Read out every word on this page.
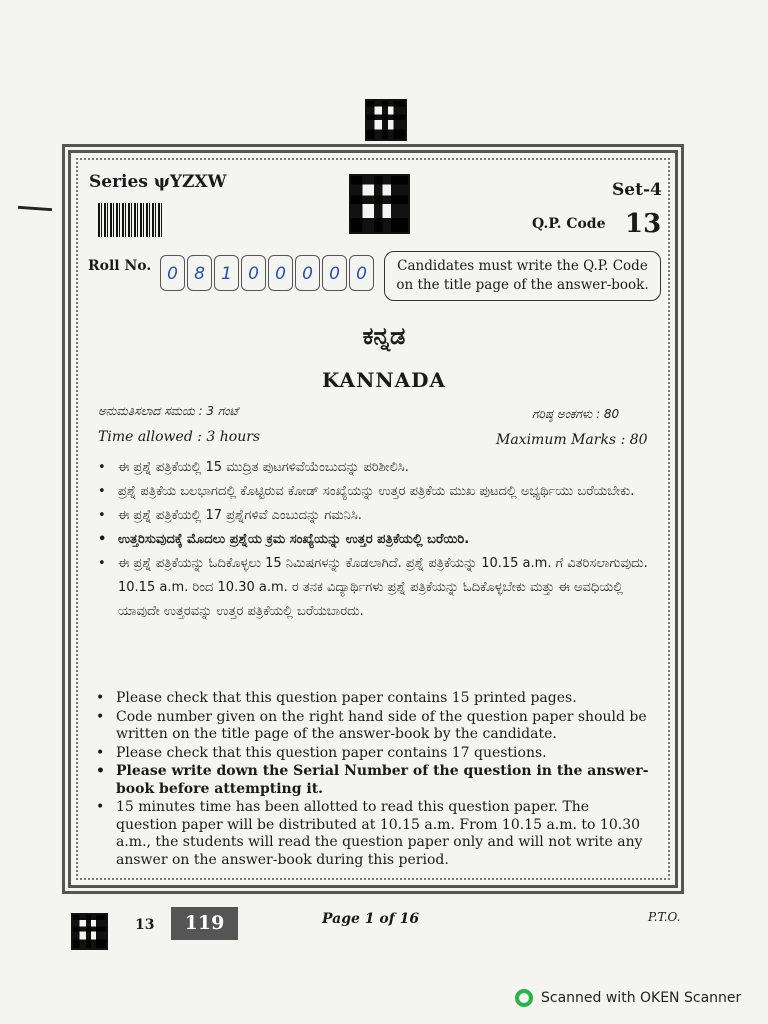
Series ψYZXW	Set-4
Q.P. Code 13
Roll No. 0 8 1 0 0 0 0 0	Candidates must write the Q.P. Code on the title page of the answer-book.
ಕನ್ನಡ
KANNADA
ಅನುಮತಿಸಲಾದ ಸಮಯ : 3 ಗಂಟೆ	ಗರಿಷ್ಠ ಅಂಕಗಳು : 80
Time allowed : 3 hours	Maximum Marks : 80
• ಈ ಪ್ರಶ್ನೆ ಪತ್ರಿಕೆಯಲ್ಲಿ 15 ಮುದ್ರಿತ ಪುಟಗಳಿವೆಯೆಂಬುದನ್ನು ಪರಿಶೀಲಿಸಿ.
• ಪ್ರಶ್ನೆ ಪತ್ರಿಕೆಯ ಬಲಭಾಗದಲ್ಲಿ ಕೊಟ್ಟಿರುವ ಕೋಡ್ ಸಂಖ್ಯೆಯನ್ನು ಉತ್ತರ ಪತ್ರಿಕೆಯ ಮುಖ ಪುಟದಲ್ಲಿ ಅಭ್ಯರ್ಥಿಯು ಬರೆಯಬೇಕು.
• ಈ ಪ್ರಶ್ನೆ ಪತ್ರಿಕೆಯಲ್ಲಿ 17 ಪ್ರಶ್ನೆಗಳಿವೆ ಎಂಬುದನ್ನು ಗಮನಿಸಿ.
• ಉತ್ತರಿಸುವುದಕ್ಕೆ ಮೊದಲು ಪ್ರಶ್ನೆಯ ಕ್ರಮ ಸಂಖ್ಯೆಯನ್ನು ಉತ್ತರ ಪತ್ರಿಕೆಯಲ್ಲಿ ಬರೆಯಿರಿ.
• ಈ ಪ್ರಶ್ನೆ ಪತ್ರಿಕೆಯನ್ನು ಓದಿಕೊಳ್ಳಲು 15 ನಿಮಿಷಗಳನ್ನು ಕೊಡಲಾಗಿದೆ. ಪ್ರಶ್ನೆ ಪತ್ರಿಕೆಯನ್ನು 10.15 a.m. ಗೆ ವಿತರಿಸಲಾಗುವುದು. 10.15 a.m. ರಿಂದ 10.30 a.m. ರ ತನಕ ವಿದ್ಯಾರ್ಥಿಗಳು ಪ್ರಶ್ನೆ ಪತ್ರಿಕೆಯನ್ನು ಓದಿಕೊಳ್ಳಬೇಕು ಮತ್ತು ಈ ಅವಧಿಯಲ್ಲಿ ಯಾವುದೇ ಉತ್ತರವನ್ನು ಉತ್ತರ ಪತ್ರಿಕೆಯಲ್ಲಿ ಬರೆಯಬಾರದು.
• Please check that this question paper contains 15 printed pages.
• Code number given on the right hand side of the question paper should be written on the title page of the answer-book by the candidate.
• Please check that this question paper contains 17 questions.
• Please write down the Serial Number of the question in the answer-book before attempting it.
• 15 minutes time has been allotted to read this question paper. The question paper will be distributed at 10.15 a.m. From 10.15 a.m. to 10.30 a.m., the students will read the question paper only and will not write any answer on the answer-book during this period.
13	119	Page 1 of 16	P.T.O.
Scanned with OKEN Scanner
